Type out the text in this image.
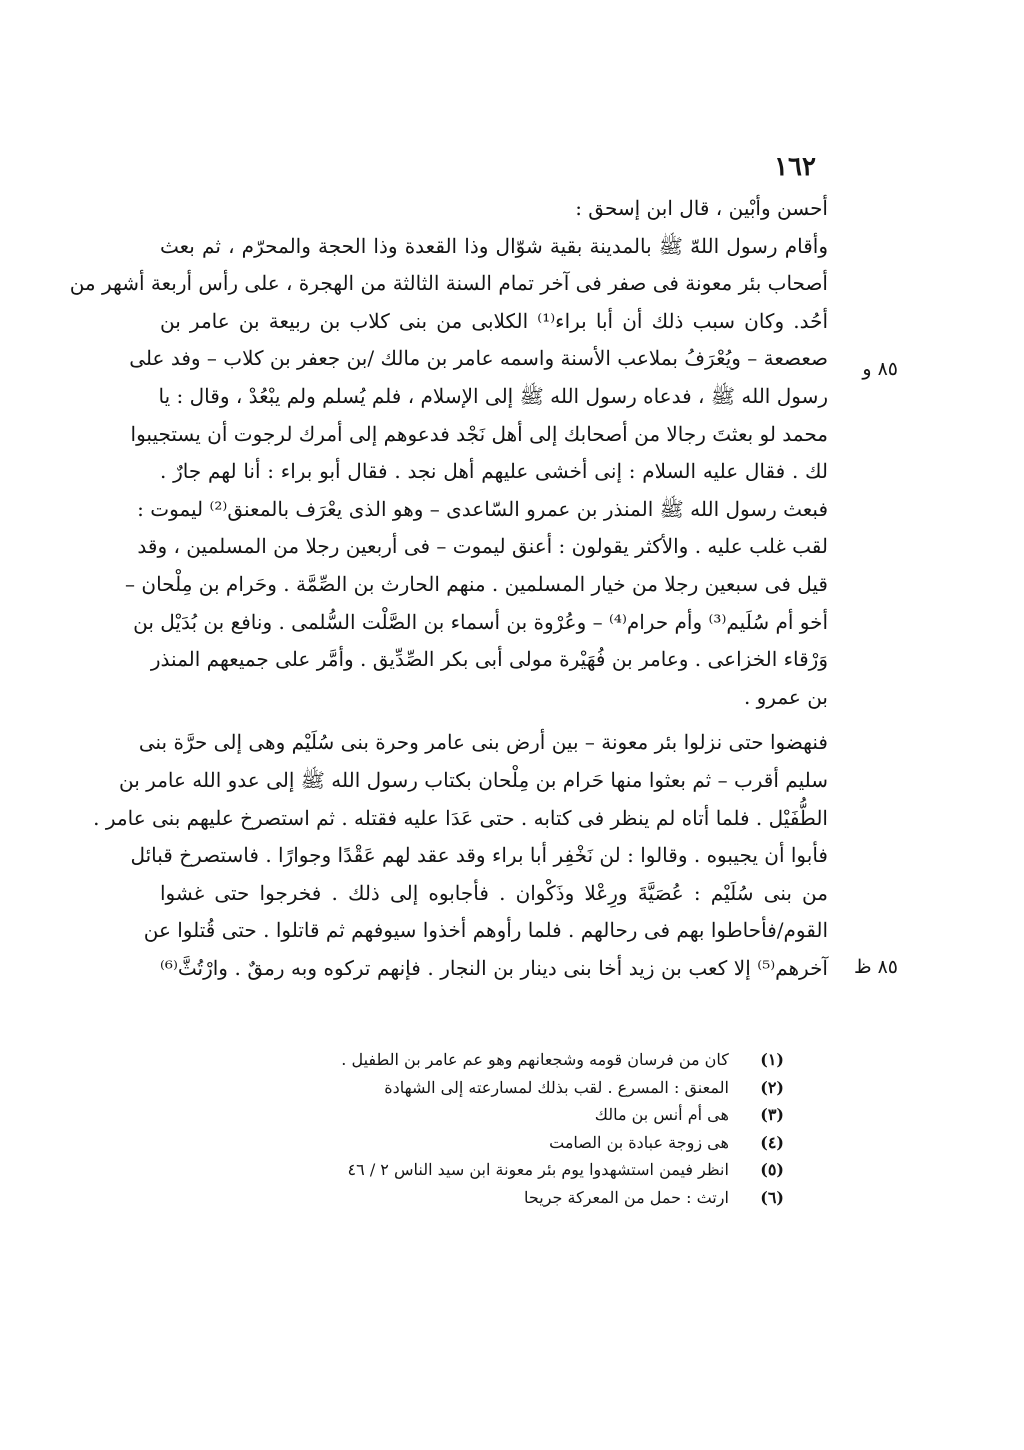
١٦٢
٨٥ و
٨٥ ظ
أحسن وأبْين ، قال ابن إسحق :
وأقام رسول اللهّ ﷺ بالمدينة بقية شوّال وذا القعدة وذا الحجة والمحرّم ، ثم بعث
أصحاب بئر معونة فى صفر فى آخر تمام السنة الثالثة من الهجرة ، على رأس أربعة أشهر من
أحُد. وكان سبب ذلك أن أبا براء⁽¹⁾ الكلابى من بنى كلاب بن ربيعة بن عامر بن
صعصعة – ويُعْرَفُ بملاعب الأسنة واسمه عامر بن مالك /بن جعفر بن كلاب – وفد على
رسول الله ﷺ ، فدعاه رسول الله ﷺ إلى الإسلام ، فلم يُسلم ولم يبْعُدْ ، وقال : يا
محمد لو بعثتَ رجالا من أصحابك إلى أهل نَجْد فدعوهم إلى أمرك لرجوت أن يستجيبوا
لك . فقال عليه السلام : إنى أخشى عليهم أهل نجد . فقال أبو براء : أنا لهم جارٌ .
فبعث رسول الله ﷺ المنذر بن عمرو السّاعدى – وهو الذى يعْرَف بالمعنق⁽²⁾ ليموت :
لقب غلب عليه . والأكثر يقولون : أعنق ليموت – فى أربعين رجلا من المسلمين ، وقد
قيل فى سبعين رجلا من خيار المسلمين . منهم الحارث بن الصِّمَّة . وحَرام بن مِلْحان –
أخو أم سُلَيم⁽³⁾ وأم حرام⁽⁴⁾ – وعُرْوة بن أسماء بن الصَّلْت السُّلمى . ونافع بن بُدَيْل بن
وَرْقاء الخزاعى . وعامر بن فُهَيْرة مولى أبى بكر الصِّدِّيق . وأمَّر على جميعهم المنذر
بن عمرو .
فنهضوا حتى نزلوا بئر معونة – بين أرض بنى عامر وحرة بنى سُلَيْم وهى إلى حرَّة بنى
سليم أقرب – ثم بعثوا منها حَرام بن مِلْحان بكتاب رسول الله ﷺ إلى عدو الله عامر بن
الطُّفَيْل . فلما أتاه لم ينظر فى كتابه . حتى عَدَا عليه فقتله . ثم استصرخ عليهم بنى عامر .
فأبوا أن يجيبوه . وقالوا : لن نَخْفِر أبا براء وقد عقد لهم عَقْدًا وجوارًا . فاستصرخ قبائل
من بنى سُلَيْم : عُصَيَّةَ ورِعْلا وذَكْوان . فأجابوه إلى ذلك . فخرجوا حتى غشوا
القوم/فأحاطوا بهم فى رحالهم . فلما رأوهم أخذوا سيوفهم ثم قاتلوا . حتى قُتلوا عن
آخرهم⁽⁵⁾ إلا كعب بن زيد أخا بنى دينار بن النجار . فإنهم تركوه وبه رمقٌ . وارْتُثَّ⁽⁶⁾
(١) كان من فرسان قومه وشجعانهم وهو عم عامر بن الطفيل .
(٢) المعنق : المسرع . لقب بذلك لمسارعته إلى الشهادة
(٣) هى أم أنس بن مالك
(٤) هى زوجة عبادة بن الصامت
(٥) انظر فيمن استشهدوا يوم بئر معونة ابن سيد الناس ٢ / ٤٦
(٦) ارتث : حمل من المعركة جريحا
